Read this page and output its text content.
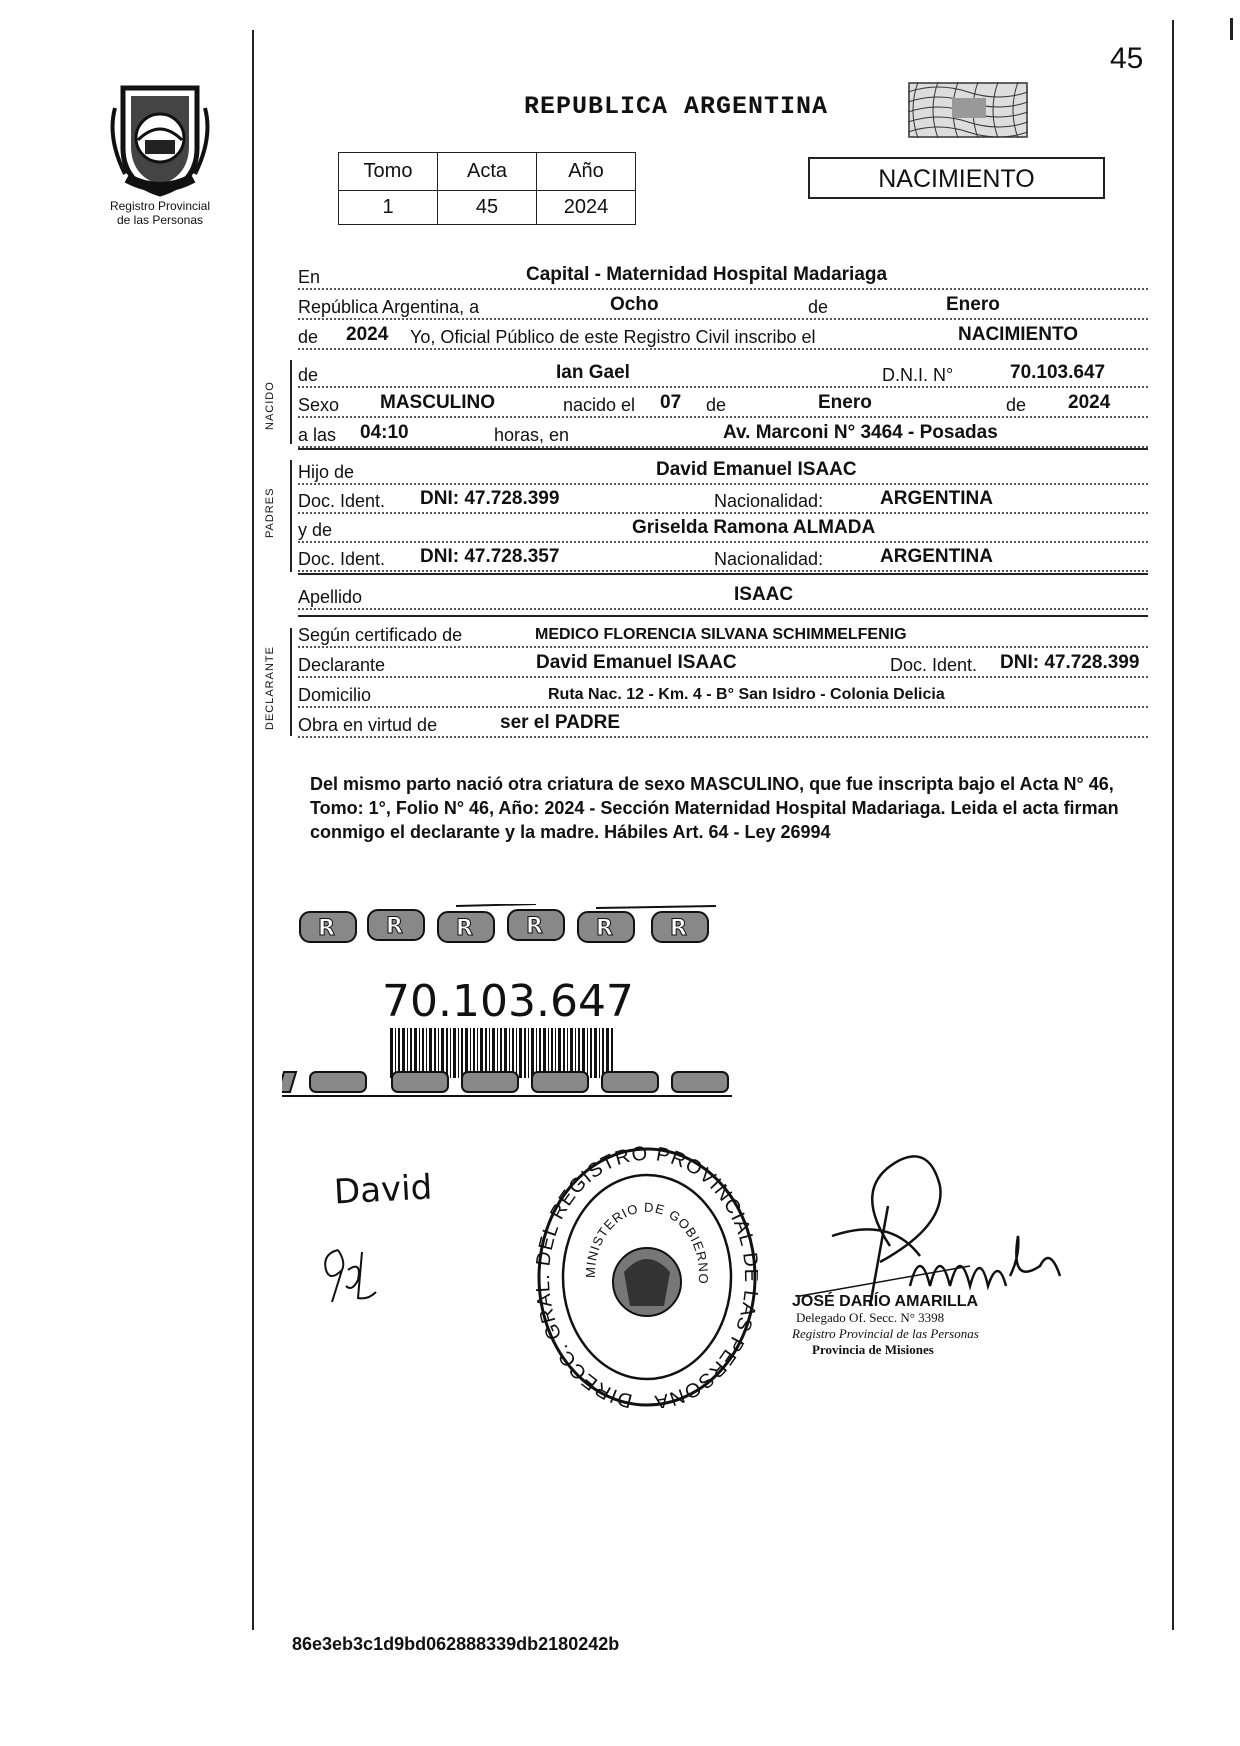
Registro Provincial
de las Personas
45
REPUBLICA ARGENTINA
Tomo	Acta	Año
1	45	2024
NACIMIENTO
En	Capital - Maternidad Hospital Madariaga
República Argentina, a	Ocho	de	Enero
de 2024 Yo, Oficial Público de este Registro Civil inscribo el	NACIMIENTO
NACIDO
de	Ian Gael	D.N.I. N°	70.103.647
Sexo MASCULINO	nacido el 07 de	Enero	de 2024
a las 04:10	horas, en	Av. Marconi N° 3464 - Posadas
PADRES
Hijo de	David Emanuel ISAAC
Doc. Ident. DNI: 47.728.399	Nacionalidad:	ARGENTINA
y de	Griselda Ramona ALMADA
Doc. Ident. DNI: 47.728.357	Nacionalidad:	ARGENTINA
Apellido	ISAAC
DECLARANTE
Según certificado de	MEDICO FLORENCIA SILVANA SCHIMMELFENIG
Declarante	David Emanuel ISAAC	Doc. Ident. DNI: 47.728.399
Domicilio	Ruta Nac. 12 - Km. 4 - B° San Isidro - Colonia Delicia
Obra en virtud de	ser el PADRE
Del mismo parto nació otra criatura de sexo MASCULINO, que fue inscripta bajo el Acta N° 46, Tomo: 1°, Folio N° 46, Año: 2024 - Sección Maternidad Hospital Madariaga. Leida el acta firman conmigo el declarante y la madre. Hábiles Art. 64 - Ley 26994
R R R R R	R
70.103.647
David
DIRECC. GR EL REGISTRO PROVINCIAL AS PERSONA
MINISTERIO DE GOBIERNO
JOSÉ DARÍO AMARILLA
Delegado Of. Secc. N° 3398
Registro Provincial de las Personas
Provincia de Misiones
86e3eb3c1d9bd062888339db2180242b
